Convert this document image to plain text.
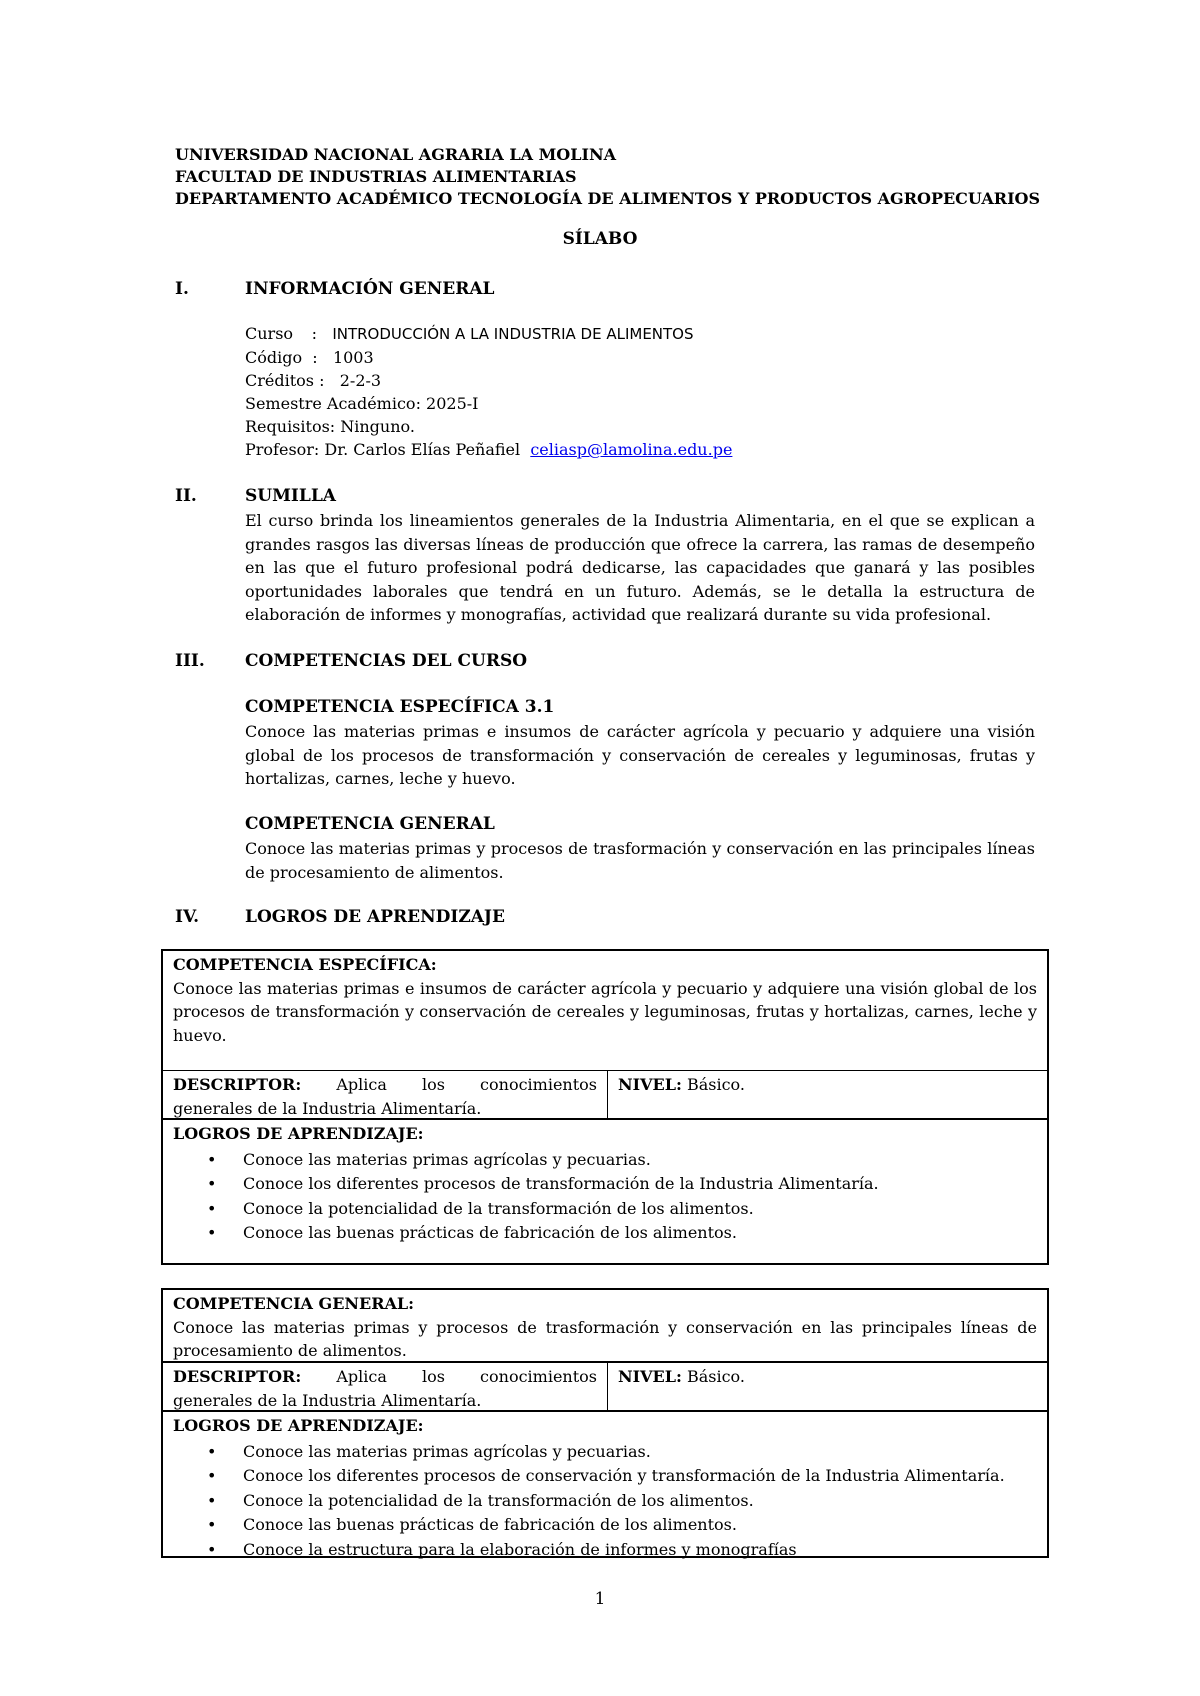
UNIVERSIDAD NACIONAL AGRARIA LA MOLINA
FACULTAD DE INDUSTRIAS ALIMENTARIAS
DEPARTAMENTO ACADÉMICO TECNOLOGÍA DE ALIMENTOS Y PRODUCTOS AGROPECUARIOS
SÍLABO
I.	INFORMACIÓN GENERAL
Curso : INTRODUCCIÓN A LA INDUSTRIA DE ALIMENTOS
Código  :   1003
Créditos :   2-2-3
Semestre Académico: 2025-I
Requisitos: Ninguno.
Profesor: Dr. Carlos Elías Peñafiel celiasp@lamolina.edu.pe
II.	SUMILLA
El curso brinda los lineamientos generales de la Industria Alimentaria, en el que se explican a grandes rasgos las diversas líneas de producción que ofrece la carrera, las ramas de desempeño en las que el futuro profesional podrá dedicarse, las capacidades que ganará y las posibles oportunidades laborales que tendrá en un futuro. Además, se le detalla la estructura de elaboración de informes y monografías, actividad que realizará durante su vida profesional.
III. COMPETENCIAS DEL CURSO
COMPETENCIA ESPECÍFICA 3.1
Conoce las materias primas e insumos de carácter agrícola y pecuario y adquiere una visión global de los procesos de transformación y conservación de cereales y leguminosas, frutas y hortalizas, carnes, leche y huevo.
COMPETENCIA GENERAL
Conoce las materias primas y procesos de trasformación y conservación en las principales líneas de procesamiento de alimentos.
IV.	LOGROS DE APRENDIZAJE
COMPETENCIA ESPECÍFICA:
Conoce las materias primas e insumos de carácter agrícola y pecuario y adquiere una visión global de los procesos de transformación y conservación de cereales y leguminosas, frutas y hortalizas, carnes, leche y huevo.
DESCRIPTOR: Aplica los conocimientos
generales de la Industria Alimentaría.
NIVEL: Básico.
LOGROS DE APRENDIZAJE:
• Conoce las materias primas agrícolas y pecuarias.
• Conoce los diferentes procesos de transformación de la Industria Alimentaría.
• Conoce la potencialidad de la transformación de los alimentos.
• Conoce las buenas prácticas de fabricación de los alimentos.
COMPETENCIA GENERAL:
Conoce las materias primas y procesos de trasformación y conservación en las principales líneas de procesamiento de alimentos.
DESCRIPTOR: Aplica los conocimientos
generales de la Industria Alimentaría.
NIVEL: Básico.
LOGROS DE APRENDIZAJE:
• Conoce las materias primas agrícolas y pecuarias.
• Conoce los diferentes procesos de conservación y transformación de la Industria Alimentaría.
• Conoce la potencialidad de la transformación de los alimentos.
• Conoce las buenas prácticas de fabricación de los alimentos.
• Conoce la estructura para la elaboración de informes y monografías
1
